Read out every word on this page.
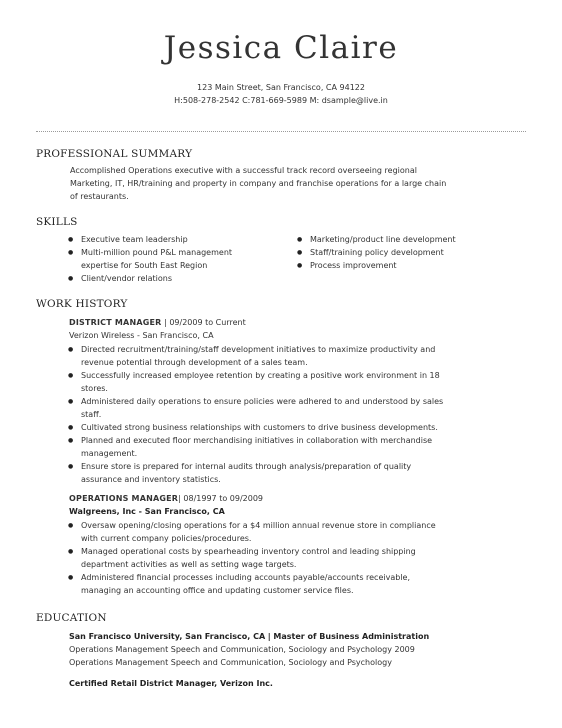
Jessica Claire
123 Main Street, San Francisco, CA 94122
H:508-278-2542 C:781-669-5989 M: dsample@live.in
PROFESSIONAL SUMMARY
Accomplished Operations executive with a successful track record overseeing regional
Marketing, IT, HR/training and property in company and franchise operations for a large chain
of restaurants.
SKILLS
● Executive team leadership
● Multi-million pound P&L management
expertise for South East Region
● Client/vendor relations
● Marketing/product line development
● Staff/training policy development
● Process improvement
WORK HISTORY
DISTRICT MANAGER | 09/2009 to Current
Verizon Wireless - San Francisco, CA
● Directed recruitment/training/staff development initiatives to maximize productivity and
revenue potential through development of a sales team.
● Successfully increased employee retention by creating a positive work environment in 18
stores.
● Administered daily operations to ensure policies were adhered to and understood by sales
staff.
● Cultivated strong business relationships with customers to drive business developments.
● Planned and executed floor merchandising initiatives in collaboration with merchandise
management.
● Ensure store is prepared for internal audits through analysis/preparation of quality
assurance and inventory statistics.
OPERATIONS MANAGER| 08/1997 to 09/2009
Walgreens, Inc - San Francisco, CA
● Oversaw opening/closing operations for a $4 million annual revenue store in compliance
with current company policies/procedures.
● Managed operational costs by spearheading inventory control and leading shipping
department activities as well as setting wage targets.
● Administered financial processes including accounts payable/accounts receivable,
managing an accounting office and updating customer service files.
EDUCATION
San Francisco University, San Francisco, CA | Master of Business Administration
Operations Management Speech and Communication, Sociology and Psychology 2009
Operations Management Speech and Communication, Sociology and Psychology
Certified Retail District Manager, Verizon Inc.
